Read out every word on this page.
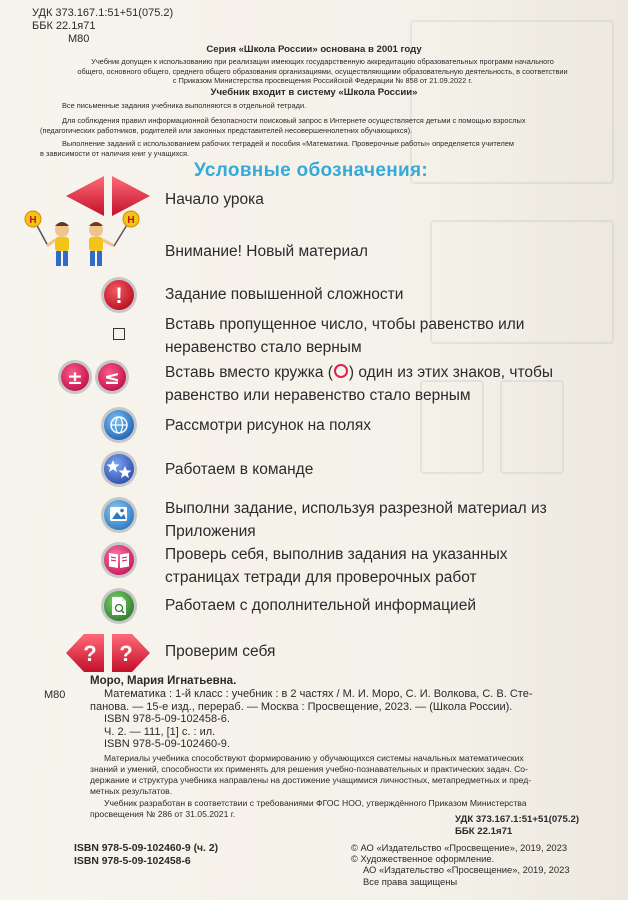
УДК 373.167.1:51+51(075.2)
ББК 22.1я71
М80
Серия «Школа России» основана в 2001 году
Учебник допущен к использованию при реализации имеющих государственную аккредитацию образовательных программ начального
общего, основного общего, среднего общего образования организациями, осуществляющими образовательную деятельность, в соответствии
с Приказом Министерства просвещения Российской Федерации № 858 от 21.09.2022 г.
Учебник входит в систему «Школа России»
Все письменные задания учебника выполняются в отдельной тетради.
Для соблюдения правил информационной безопасности поисковый запрос в Интернете осуществляется детьми с помощью взрослых
(педагогических работников, родителей или законных представителей несовершеннолетних обучающихся).
Выполнение заданий с использованием рабочих тетрадей и пособия «Математика. Проверочные работы» определяется учителем
в зависимости от наличия книг у учащихся.
Условные обозначения:
Начало урока
Н	Н
Внимание! Новый материал
!	Задание повышенной сложности
Вставь пропущенное число, чтобы равенство или
неравенство стало верным
± ≤	Вставь вместо кружка ( ) один из этих знаков, чтобы
равенство или неравенство стало верным
Рассмотри рисунок на полях
Работаем в команде
Выполни задание, используя разрезной материал из
Приложения
Проверь себя, выполнив задания на указанных
страницах тетради для проверочных работ
Работаем с дополнительной информацией
? ? Проверим себя
М80
Моро, Мария Игнатьевна.
Математика : 1-й класс : учебник : в 2 частях / М. И. Моро, С. И. Волкова, С. В. Сте-
панова. — 15-е изд., перераб. — Москва : Просвещение, 2023. — (Школа России).
ISBN 978-5-09-102458-6.
Ч. 2. — 111, [1] с. : ил.
ISBN 978-5-09-102460-9.
Материалы учебника способствуют формированию у обучающихся системы начальных математических
знаний и умений, способности их применять для решения учебно-познавательных и практических задач. Со-
держание и структура учебника направлены на достижение учащимися личностных, метапредметных и пред-
метных результатов.
Учебник разработан в соответствии с требованиями ФГОС НОО, утверждённого Приказом Министерства
просвещения № 286 от 31.05.2021 г.	УДК 373.167.1:51+51(075.2)
ББК 22.1я71
ISBN 978-5-09-102460-9 (ч. 2)
ISBN 978-5-09-102458-6
© АО «Издательство «Просвещение», 2019, 2023
© Художественное оформление.
АО «Издательство «Просвещение», 2019, 2023
Все права защищены
